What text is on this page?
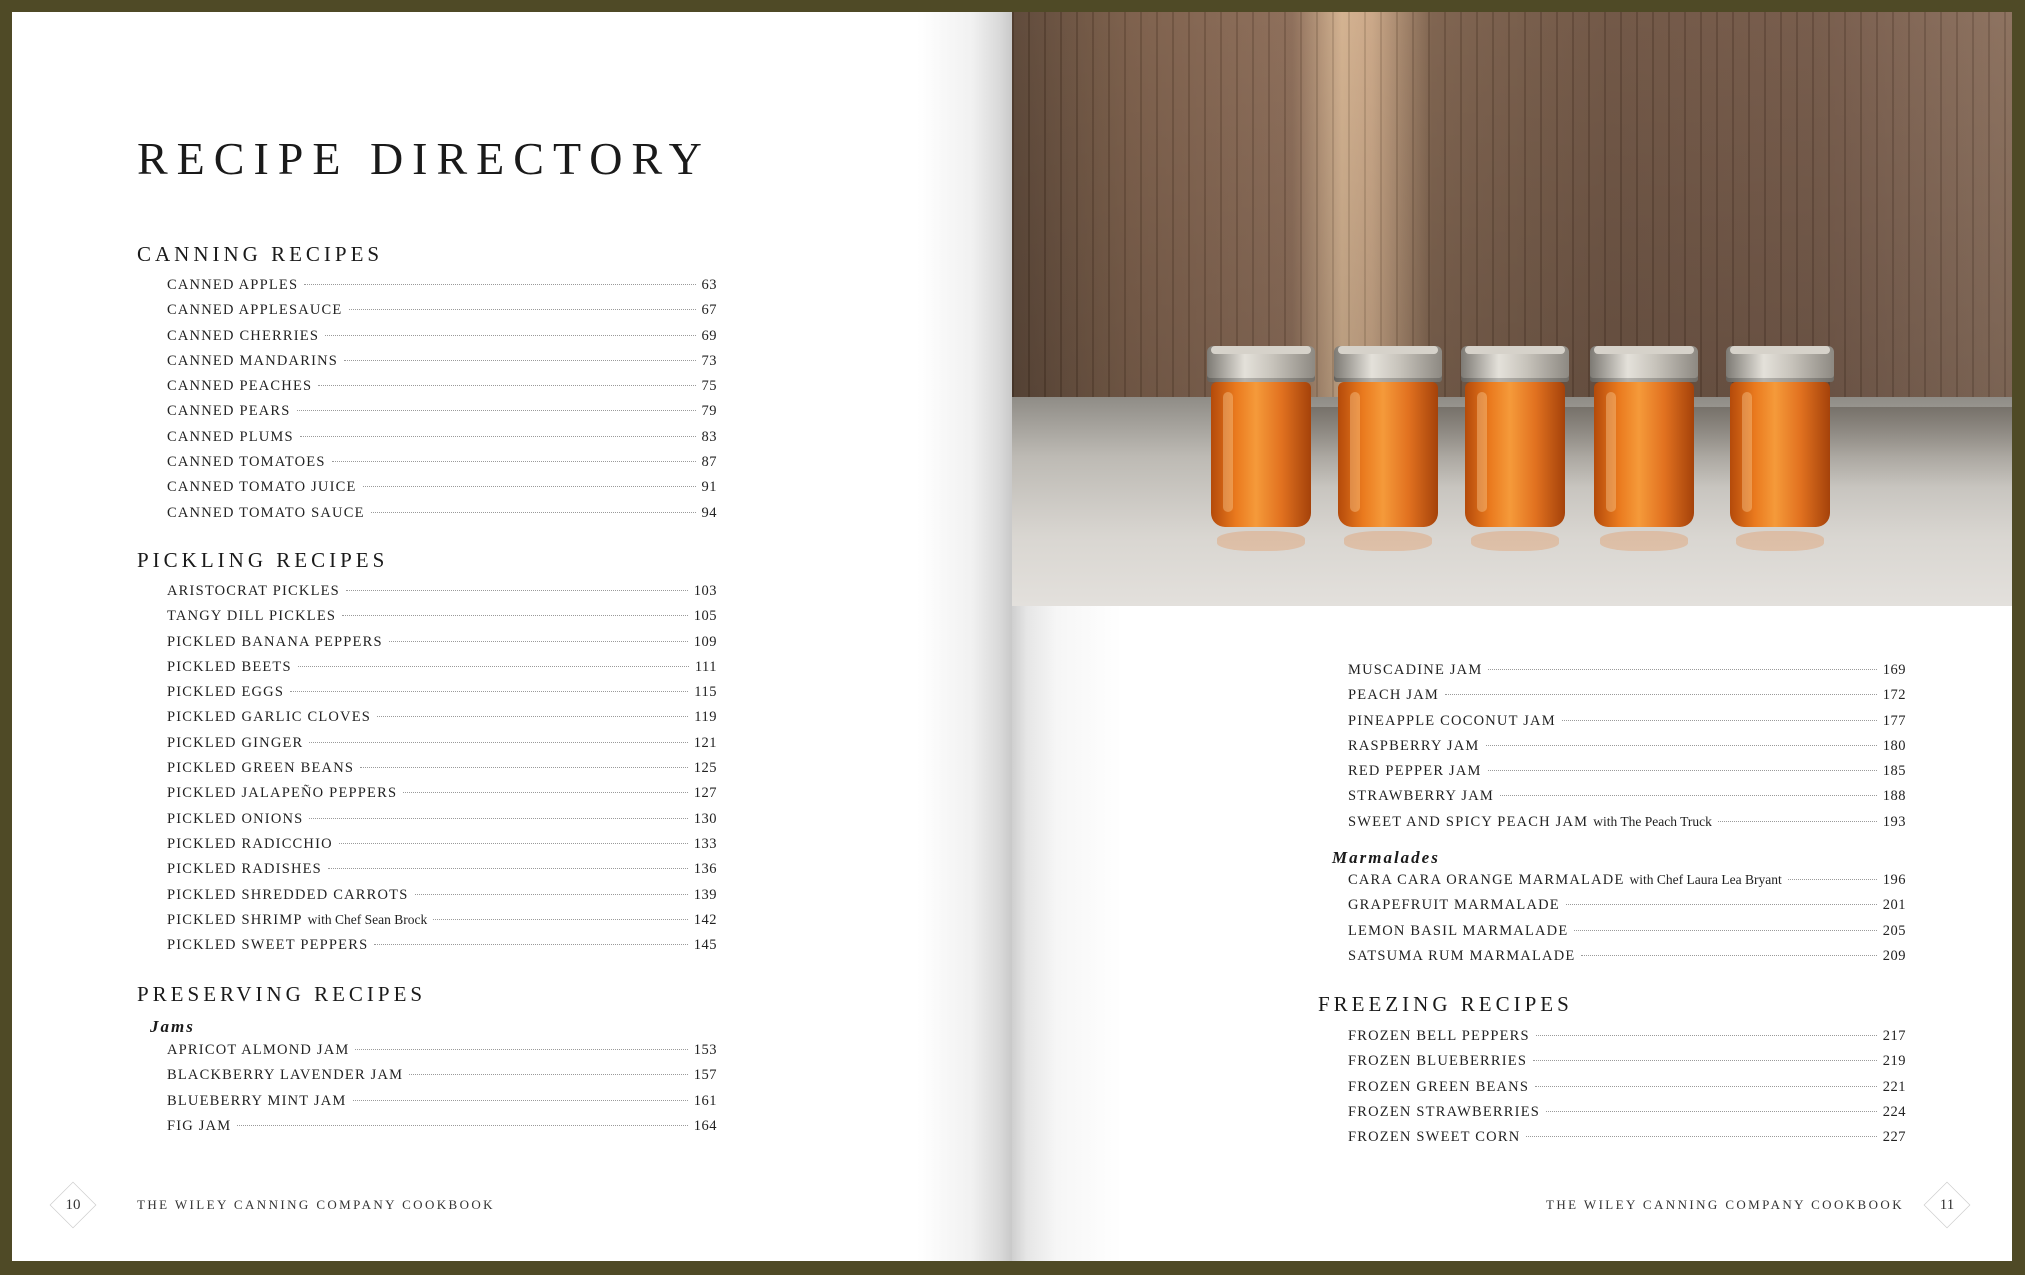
RECIPE DIRECTORY
CANNING RECIPES
CANNED APPLES	63
CANNED APPLESAUCE	67
CANNED CHERRIES	69
CANNED MANDARINS	73
CANNED PEACHES	75
CANNED PEARS	79
CANNED PLUMS	83
CANNED TOMATOES	87
CANNED TOMATO JUICE	91
CANNED TOMATO SAUCE	94
PICKLING RECIPES
ARISTOCRAT PICKLES	103
TANGY DILL PICKLES	105
PICKLED BANANA PEPPERS	109
PICKLED BEETS	111
PICKLED EGGS	115
PICKLED GARLIC CLOVES	119
PICKLED GINGER	121
PICKLED GREEN BEANS	125
PICKLED JALAPEÑO PEPPERS	127
PICKLED ONIONS	130
PICKLED RADICCHIO	133
PICKLED RADISHES	136
PICKLED SHREDDED CARROTS	139
PICKLED SHRIMP with Chef Sean Brock	142
PICKLED SWEET PEPPERS	145
PRESERVING RECIPES
Jams
APRICOT ALMOND JAM	153
BLACKBERRY LAVENDER JAM	157
BLUEBERRY MINT JAM	161
FIG JAM	164
10	THE WILEY CANNING COMPANY COOKBOOK

MUSCADINE JAM	169
PEACH JAM	172
PINEAPPLE COCONUT JAM	177
RASPBERRY JAM	180
RED PEPPER JAM	185
STRAWBERRY JAM	188
SWEET AND SPICY PEACH JAM with The Peach Truck	193
Marmalades
CARA CARA ORANGE MARMALADE with Chef Laura Lea Bryant	196
GRAPEFRUIT MARMALADE	201
LEMON BASIL MARMALADE	205
SATSUMA RUM MARMALADE	209
FREEZING RECIPES
FROZEN BELL PEPPERS	217
FROZEN BLUEBERRIES	219
FROZEN GREEN BEANS	221
FROZEN STRAWBERRIES	224
FROZEN SWEET CORN	227

THE WILEY CANNING COMPANY COOKBOOK	11
